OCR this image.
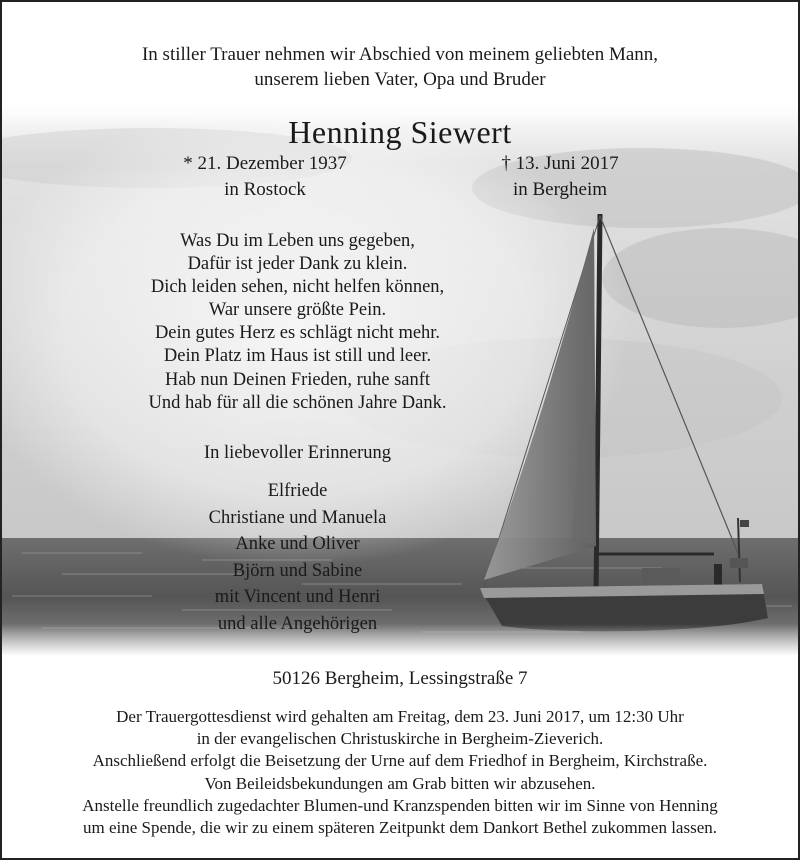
In stiller Trauer nehmen wir Abschied von meinem geliebten Mann,
unserem lieben Vater, Opa und Bruder
Henning Siewert
* 21. Dezember 1937
in Rostock
† 13. Juni 2017
in Bergheim
Was Du im Leben uns gegeben,
Dafür ist jeder Dank zu klein.
Dich leiden sehen, nicht helfen können,
War unsere größte Pein.
Dein gutes Herz es schlägt nicht mehr.
Dein Platz im Haus ist still und leer.
Hab nun Deinen Frieden, ruhe sanft
Und hab für all die schönen Jahre Dank.
In liebevoller Erinnerung
Elfriede
Christiane und Manuela
Anke und Oliver
Björn und Sabine
mit Vincent und Henri
und alle Angehörigen
50126 Bergheim, Lessingstraße 7
Der Trauergottesdienst wird gehalten am Freitag, dem 23. Juni 2017, um 12:30 Uhr
in der evangelischen Christuskirche in Bergheim-Zieverich.
Anschließend erfolgt die Beisetzung der Urne auf dem Friedhof in Bergheim, Kirchstraße.
Von Beileidsbekundungen am Grab bitten wir abzusehen.
Anstelle freundlich zugedachter Blumen-und Kranzspenden bitten wir im Sinne von Henning
um eine Spende, die wir zu einem späteren Zeitpunkt dem Dankort Bethel zukommen lassen.
